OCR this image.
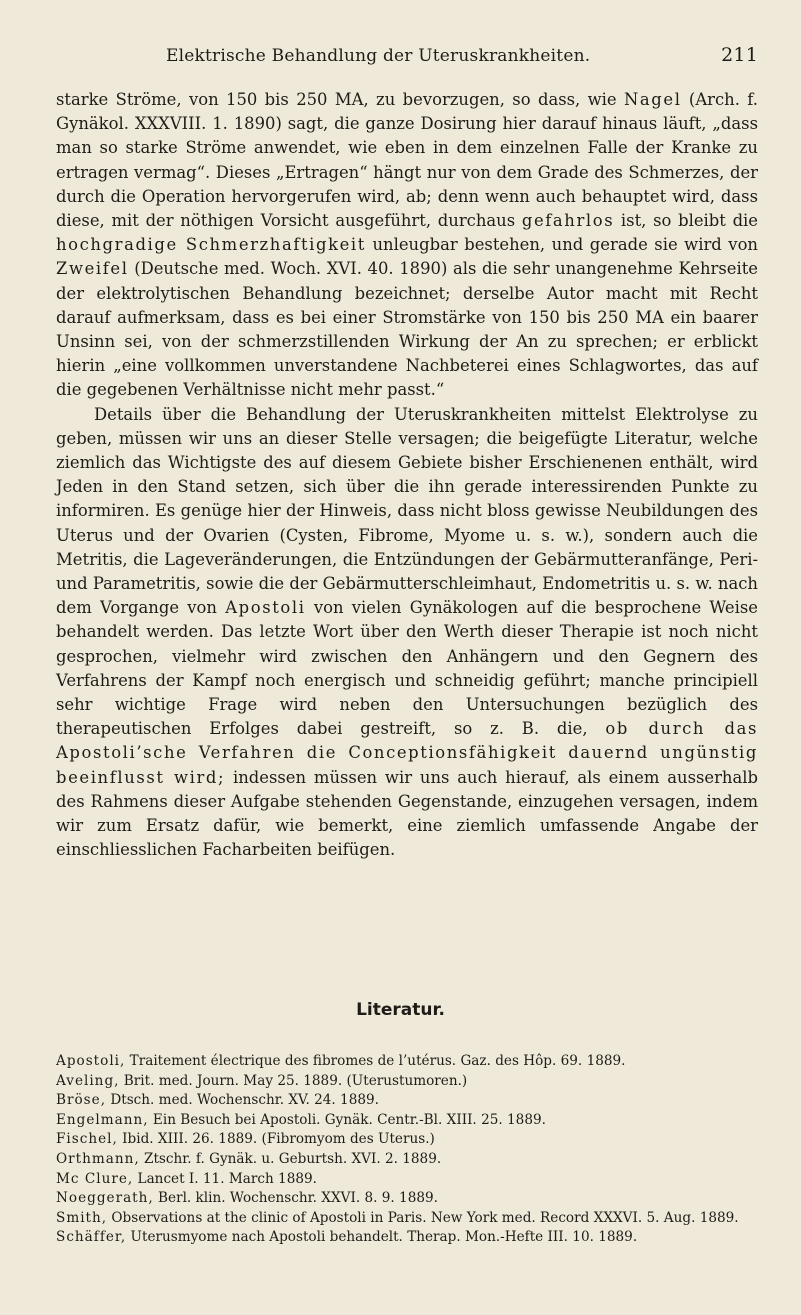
Elektrische Behandlung der Uteruskrankheiten.	211

starke Ströme, von 150 bis 250 MA, zu bevorzugen, so dass, wie Nagel (Arch. f. Gynäkol. XXXVIII. 1. 1890) sagt, die ganze Dosirung hier darauf hinaus läuft, „dass man so starke Ströme anwendet, wie eben in dem einzelnen Falle der Kranke zu ertragen vermag“. Dieses „Ertragen“ hängt nur von dem Grade des Schmerzes, der durch die Operation hervorgerufen wird, ab; denn wenn auch behauptet wird, dass diese, mit der nöthigen Vorsicht ausgeführt, durchaus gefahrlos ist, so bleibt die hochgradige Schmerzhaftigkeit unleugbar bestehen, und gerade sie wird von Zweifel (Deutsche med. Woch. XVI. 40. 1890) als die sehr unangenehme Kehrseite der elektrolytischen Behandlung bezeichnet; derselbe Autor macht mit Recht darauf aufmerksam, dass es bei einer Stromstärke von 150 bis 250 MA ein baarer Unsinn sei, von der schmerzstillenden Wirkung der An zu sprechen; er erblickt hierin „eine vollkommen unverstandene Nachbeterei eines Schlagwortes, das auf die gegebenen Verhältnisse nicht mehr passt.“

Details über die Behandlung der Uteruskrankheiten mittelst Elektrolyse zu geben, müssen wir uns an dieser Stelle versagen; die beigefügte Literatur, welche ziemlich das Wichtigste des auf diesem Gebiete bisher Erschienenen enthält, wird Jeden in den Stand setzen, sich über die ihn gerade interessirenden Punkte zu informiren. Es genüge hier der Hinweis, dass nicht bloss gewisse Neubildungen des Uterus und der Ovarien (Cysten, Fibrome, Myome u. s. w.), sondern auch die Metritis, die Lageveränderungen, die Entzündungen der Gebärmutteranfänge, Peri- und Parametritis, sowie die der Gebärmutterschleimhaut, Endometritis u. s. w. nach dem Vorgange von Apostoli von vielen Gynäkologen auf die besprochene Weise behandelt werden. Das letzte Wort über den Werth dieser Therapie ist noch nicht gesprochen, vielmehr wird zwischen den Anhängern und den Gegnern des Verfahrens der Kampf noch energisch und schneidig geführt; manche principiell sehr wichtige Frage wird neben den Untersuchungen bezüglich des therapeutischen Erfolges dabei gestreift, so z. B. die, ob durch das Apostoli’sche Verfahren die Conceptionsfähigkeit dauernd ungünstig beeinflusst wird; indessen müssen wir uns auch hierauf, als einem ausserhalb des Rahmens dieser Aufgabe stehenden Gegenstande, einzugehen versagen, indem wir zum Ersatz dafür, wie bemerkt, eine ziemlich umfassende Angabe der einschliesslichen Facharbeiten beifügen.

Literatur.
Apostoli, Traitement électrique des fibromes de l’utérus. Gaz. des Hôp. 69. 1889.
Aveling, Brit. med. Journ. May 25. 1889. (Uterustumoren.)
Bröse, Dtsch. med. Wochenschr. XV. 24. 1889.
Engelmann, Ein Besuch bei Apostoli. Gynäk. Centr.-Bl. XIII. 25. 1889.
Fischel, Ibid. XIII. 26. 1889. (Fibromyom des Uterus.)
Orthmann, Ztschr. f. Gynäk. u. Geburtsh. XVI. 2. 1889.
Mc Clure, Lancet I. 11. March 1889.
Noeggerath, Berl. klin. Wochenschr. XXVI. 8. 9. 1889.
Smith, Observations at the clinic of Apostoli in Paris. New York med. Record XXXVI. 5. Aug. 1889.
Schäffer, Uterusmyome nach Apostoli behandelt. Therap. Mon.-Hefte III. 10. 1889.
